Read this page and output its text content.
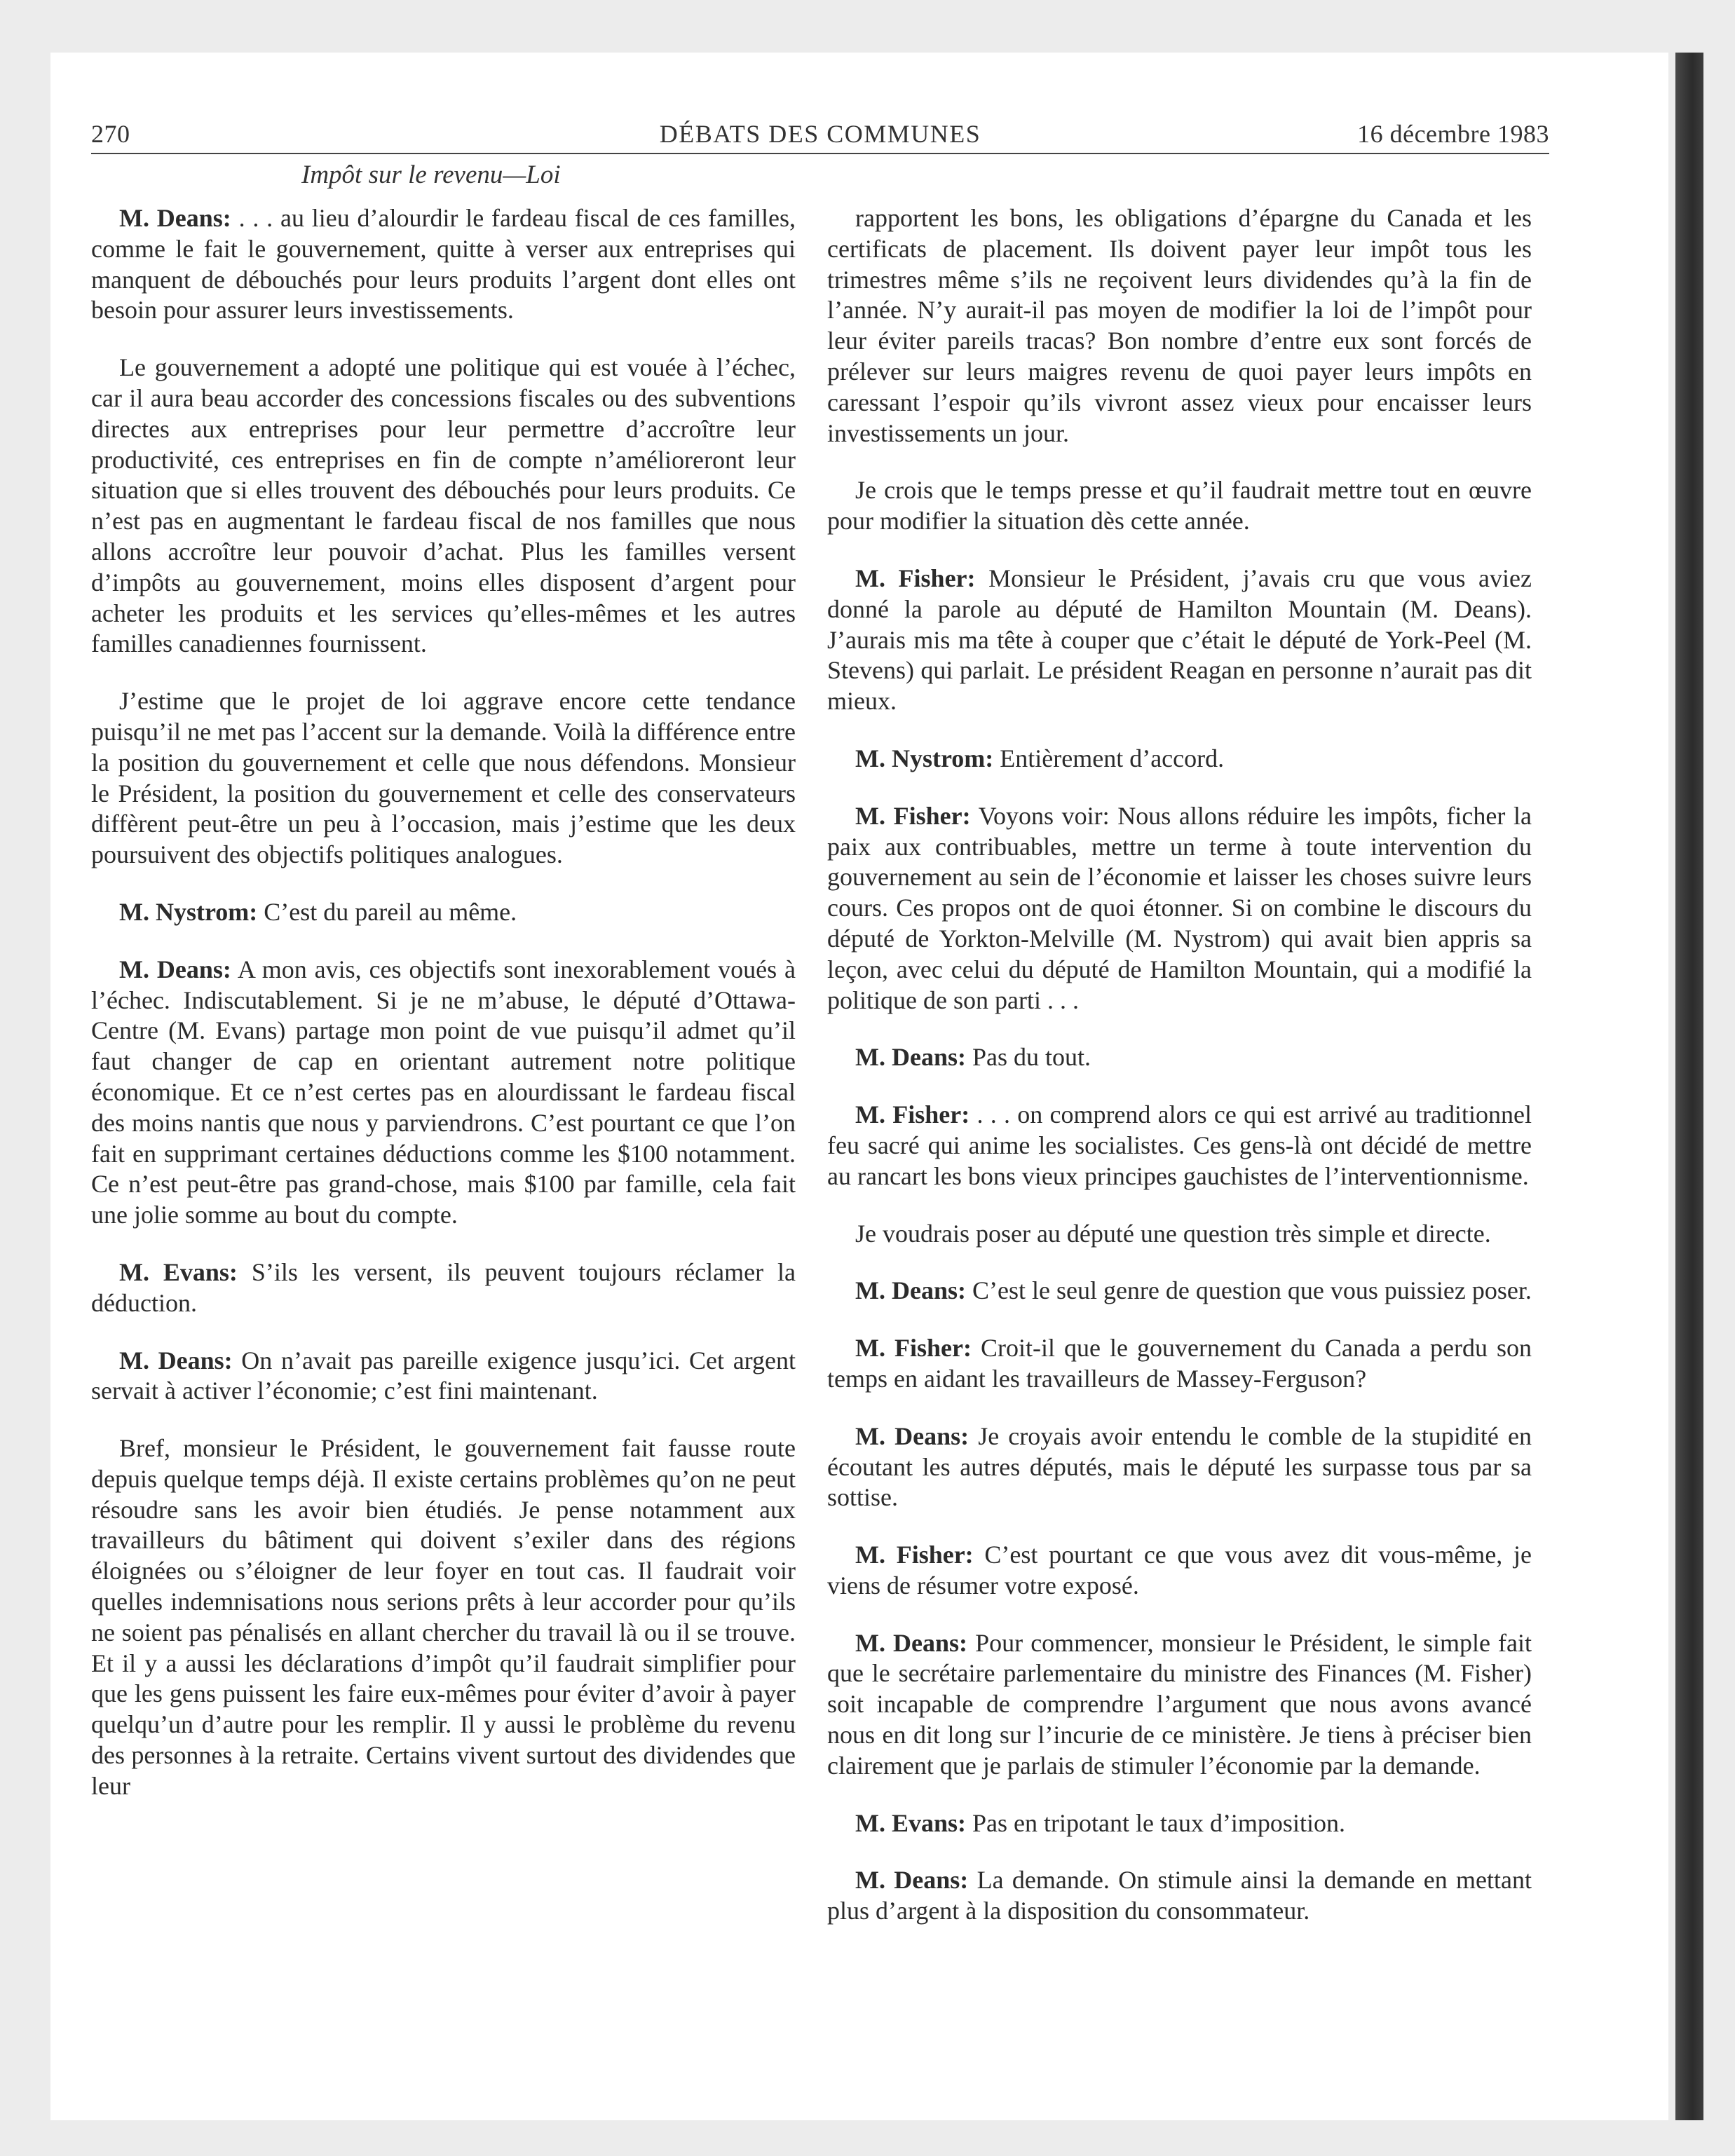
270	DÉBATS DES COMMUNES	16 décembre 1983
Impôt sur le revenu—Loi

M. Deans: . . . au lieu d’alourdir le fardeau fiscal de ces familles, comme le fait le gouvernement, quitte à verser aux entreprises qui manquent de débouchés pour leurs produits l’argent dont elles ont besoin pour assurer leurs investissements.

Le gouvernement a adopté une politique qui est vouée à l’échec, car il aura beau accorder des concessions fiscales ou des subventions directes aux entreprises pour leur permettre d’accroître leur productivité, ces entreprises en fin de compte n’amélioreront leur situation que si elles trouvent des débouchés pour leurs produits. Ce n’est pas en augmentant le fardeau fiscal de nos familles que nous allons accroître leur pouvoir d’achat. Plus les familles versent d’impôts au gouvernement, moins elles disposent d’argent pour acheter les produits et les services qu’elles-mêmes et les autres familles canadiennes fournissent.

J’estime que le projet de loi aggrave encore cette tendance puisqu’il ne met pas l’accent sur la demande. Voilà la différence entre la position du gouvernement et celle que nous défendons. Monsieur le Président, la position du gouvernement et celle des conservateurs diffèrent peut-être un peu à l’occasion, mais j’estime que les deux poursuivent des objectifs politiques analogues.

M. Nystrom: C’est du pareil au même.

M. Deans: A mon avis, ces objectifs sont inexorablement voués à l’échec. Indiscutablement. Si je ne m’abuse, le député d’Ottawa-Centre (M. Evans) partage mon point de vue puisqu’il admet qu’il faut changer de cap en orientant autrement notre politique économique. Et ce n’est certes pas en alourdissant le fardeau fiscal des moins nantis que nous y parviendrons. C’est pourtant ce que l’on fait en supprimant certaines déductions comme les $100 notamment. Ce n’est peut-être pas grand-chose, mais $100 par famille, cela fait une jolie somme au bout du compte.

M. Evans: S’ils les versent, ils peuvent toujours réclamer la déduction.

M. Deans: On n’avait pas pareille exigence jusqu’ici. Cet argent servait à activer l’économie; c’est fini maintenant.

Bref, monsieur le Président, le gouvernement fait fausse route depuis quelque temps déjà. Il existe certains problèmes qu’on ne peut résoudre sans les avoir bien étudiés. Je pense notamment aux travailleurs du bâtiment qui doivent s’exiler dans des régions éloignées ou s’éloigner de leur foyer en tout cas. Il faudrait voir quelles indemnisations nous serions prêts à leur accorder pour qu’ils ne soient pas pénalisés en allant chercher du travail là ou il se trouve. Et il y a aussi les déclarations d’impôt qu’il faudrait simplifier pour que les gens puissent les faire eux-mêmes pour éviter d’avoir à payer quelqu’un d’autre pour les remplir. Il y aussi le problème du revenu des personnes à la retraite. Certains vivent surtout des dividendes que leur

rapportent les bons, les obligations d’épargne du Canada et les certificats de placement. Ils doivent payer leur impôt tous les trimestres même s’ils ne reçoivent leurs dividendes qu’à la fin de l’année. N’y aurait-il pas moyen de modifier la loi de l’impôt pour leur éviter pareils tracas? Bon nombre d’entre eux sont forcés de prélever sur leurs maigres revenu de quoi payer leurs impôts en caressant l’espoir qu’ils vivront assez vieux pour encaisser leurs investissements un jour.

Je crois que le temps presse et qu’il faudrait mettre tout en œuvre pour modifier la situation dès cette année.

M. Fisher: Monsieur le Président, j’avais cru que vous aviez donné la parole au député de Hamilton Mountain (M. Deans). J’aurais mis ma tête à couper que c’était le député de York-Peel (M. Stevens) qui parlait. Le président Reagan en personne n’aurait pas dit mieux.

M. Nystrom: Entièrement d’accord.

M. Fisher: Voyons voir: Nous allons réduire les impôts, ficher la paix aux contribuables, mettre un terme à toute intervention du gouvernement au sein de l’économie et laisser les choses suivre leurs cours. Ces propos ont de quoi étonner. Si on combine le discours du député de Yorkton-Melville (M. Nystrom) qui avait bien appris sa leçon, avec celui du député de Hamilton Mountain, qui a modifié la politique de son parti . . .

M. Deans: Pas du tout.

M. Fisher: . . . on comprend alors ce qui est arrivé au traditionnel feu sacré qui anime les socialistes. Ces gens-là ont décidé de mettre au rancart les bons vieux principes gauchistes de l’interventionnisme.

Je voudrais poser au député une question très simple et directe.

M. Deans: C’est le seul genre de question que vous puissiez poser.

M. Fisher: Croit-il que le gouvernement du Canada a perdu son temps en aidant les travailleurs de Massey-Ferguson?

M. Deans: Je croyais avoir entendu le comble de la stupidité en écoutant les autres députés, mais le député les surpasse tous par sa sottise.

M. Fisher: C’est pourtant ce que vous avez dit vous-même, je viens de résumer votre exposé.

M. Deans: Pour commencer, monsieur le Président, le simple fait que le secrétaire parlementaire du ministre des Finances (M. Fisher) soit incapable de comprendre l’argument que nous avons avancé nous en dit long sur l’incurie de ce ministère. Je tiens à préciser bien clairement que je parlais de stimuler l’économie par la demande.

M. Evans: Pas en tripotant le taux d’imposition.

M. Deans: La demande. On stimule ainsi la demande en mettant plus d’argent à la disposition du consommateur.
